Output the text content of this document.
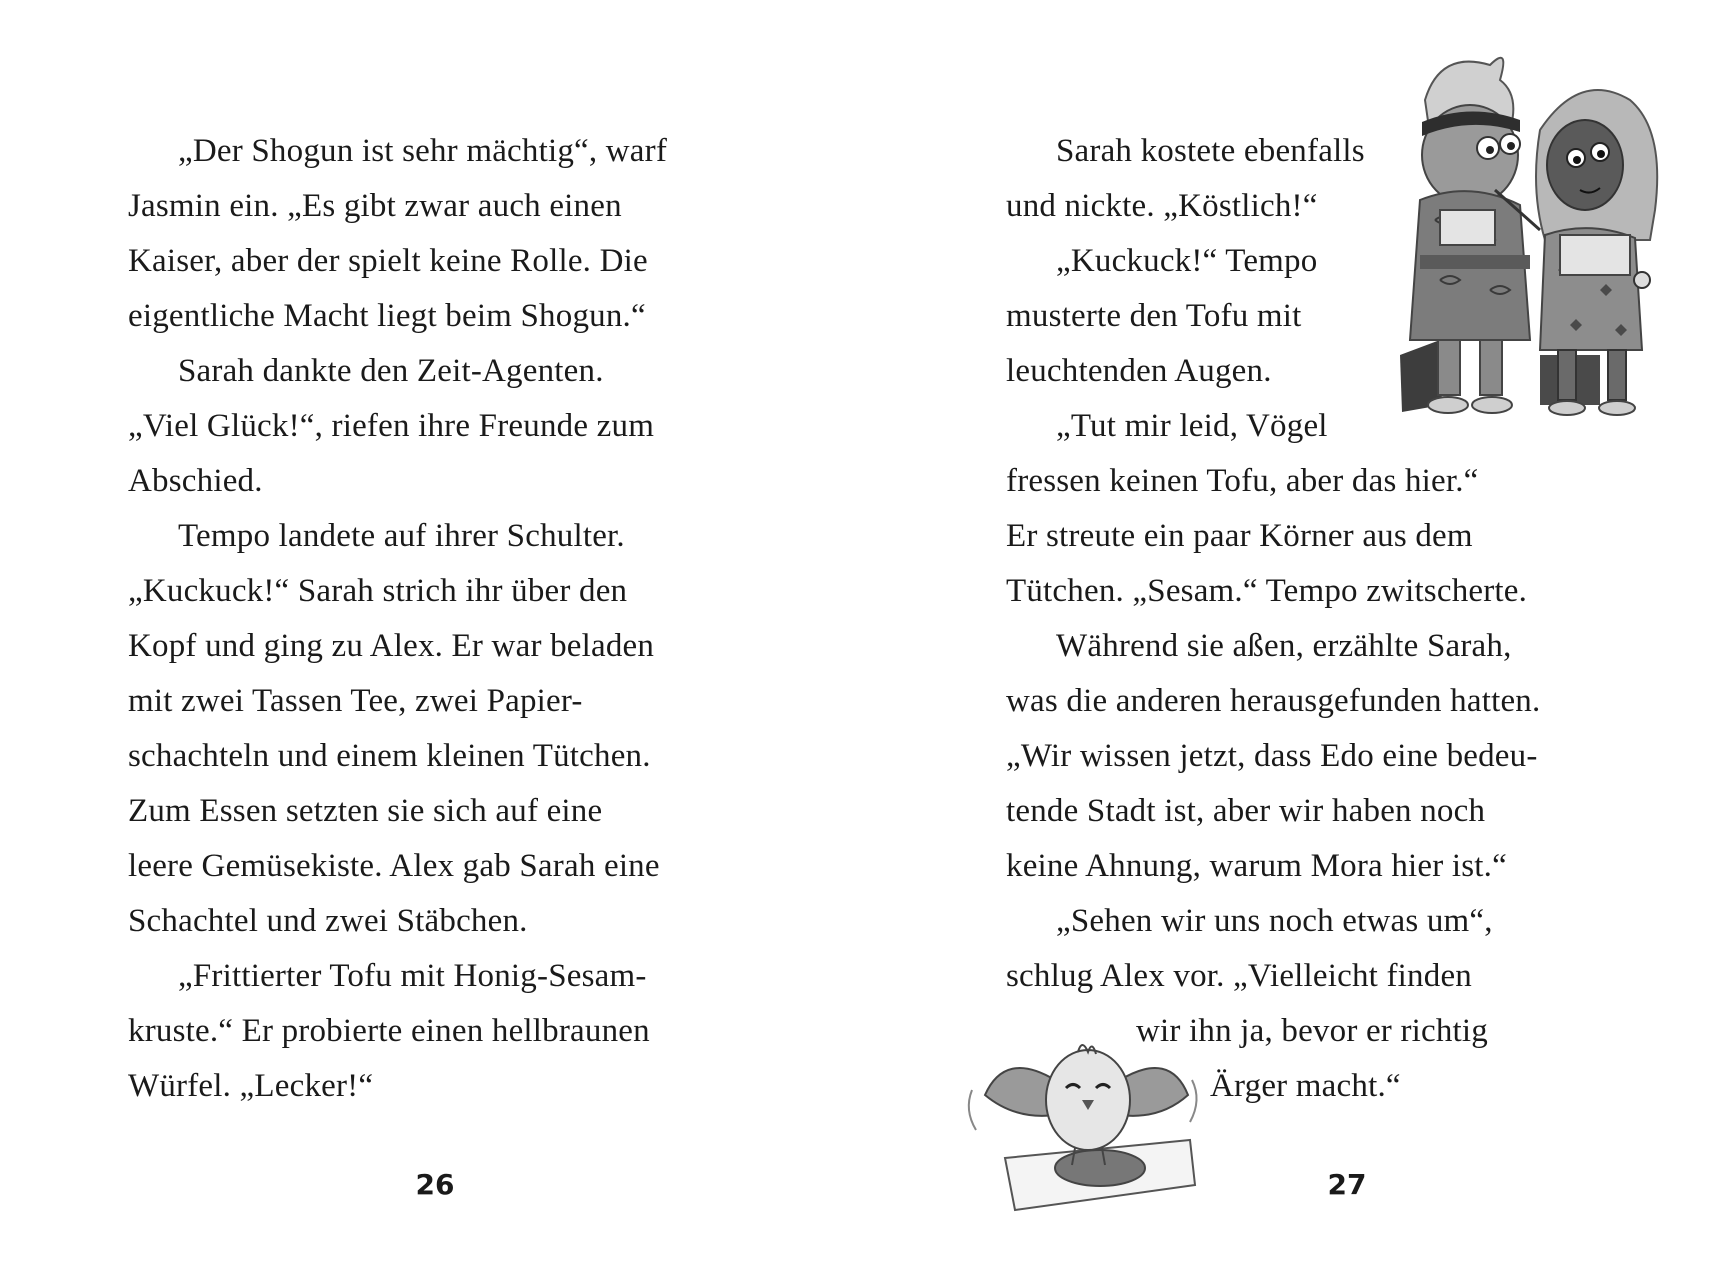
„Der Shogun ist sehr mächtig“, warf
Jasmin ein. „Es gibt zwar auch einen
Kaiser, aber der spielt keine Rolle. Die
eigentliche Macht liegt beim Shogun.“
Sarah dankte den Zeit-Agenten.
„Viel Glück!“, riefen ihre Freunde zum
Abschied.
Tempo landete auf ihrer Schulter.
„Kuckuck!“ Sarah strich ihr über den
Kopf und ging zu Alex. Er war beladen
mit zwei Tassen Tee, zwei Papier-
schachteln und einem kleinen Tütchen.
Zum Essen setzten sie sich auf eine
leere Gemüsekiste. Alex gab Sarah eine
Schachtel und zwei Stäbchen.
„Frittierter Tofu mit Honig-Sesam-
kruste.“ Er probierte einen hellbraunen
Würfel. „Lecker!“
26
Sarah kostete ebenfalls
und nickte. „Köstlich!“
„Kuckuck!“ Tempo
musterte den Tofu mit
leuchtenden Augen.
„Tut mir leid, Vögel
fressen keinen Tofu, aber das hier.“
Er streute ein paar Körner aus dem
Tütchen. „Sesam.“ Tempo zwitscherte.
Während sie aßen, erzählte Sarah,
was die anderen herausgefunden hatten.
„Wir wissen jetzt, dass Edo eine bedeu-
tende Stadt ist, aber wir haben noch
keine Ahnung, warum Mora hier ist.“
„Sehen wir uns noch etwas um“,
schlug Alex vor. „Vielleicht finden
wir ihn ja, bevor er richtig
Ärger macht.“
27
